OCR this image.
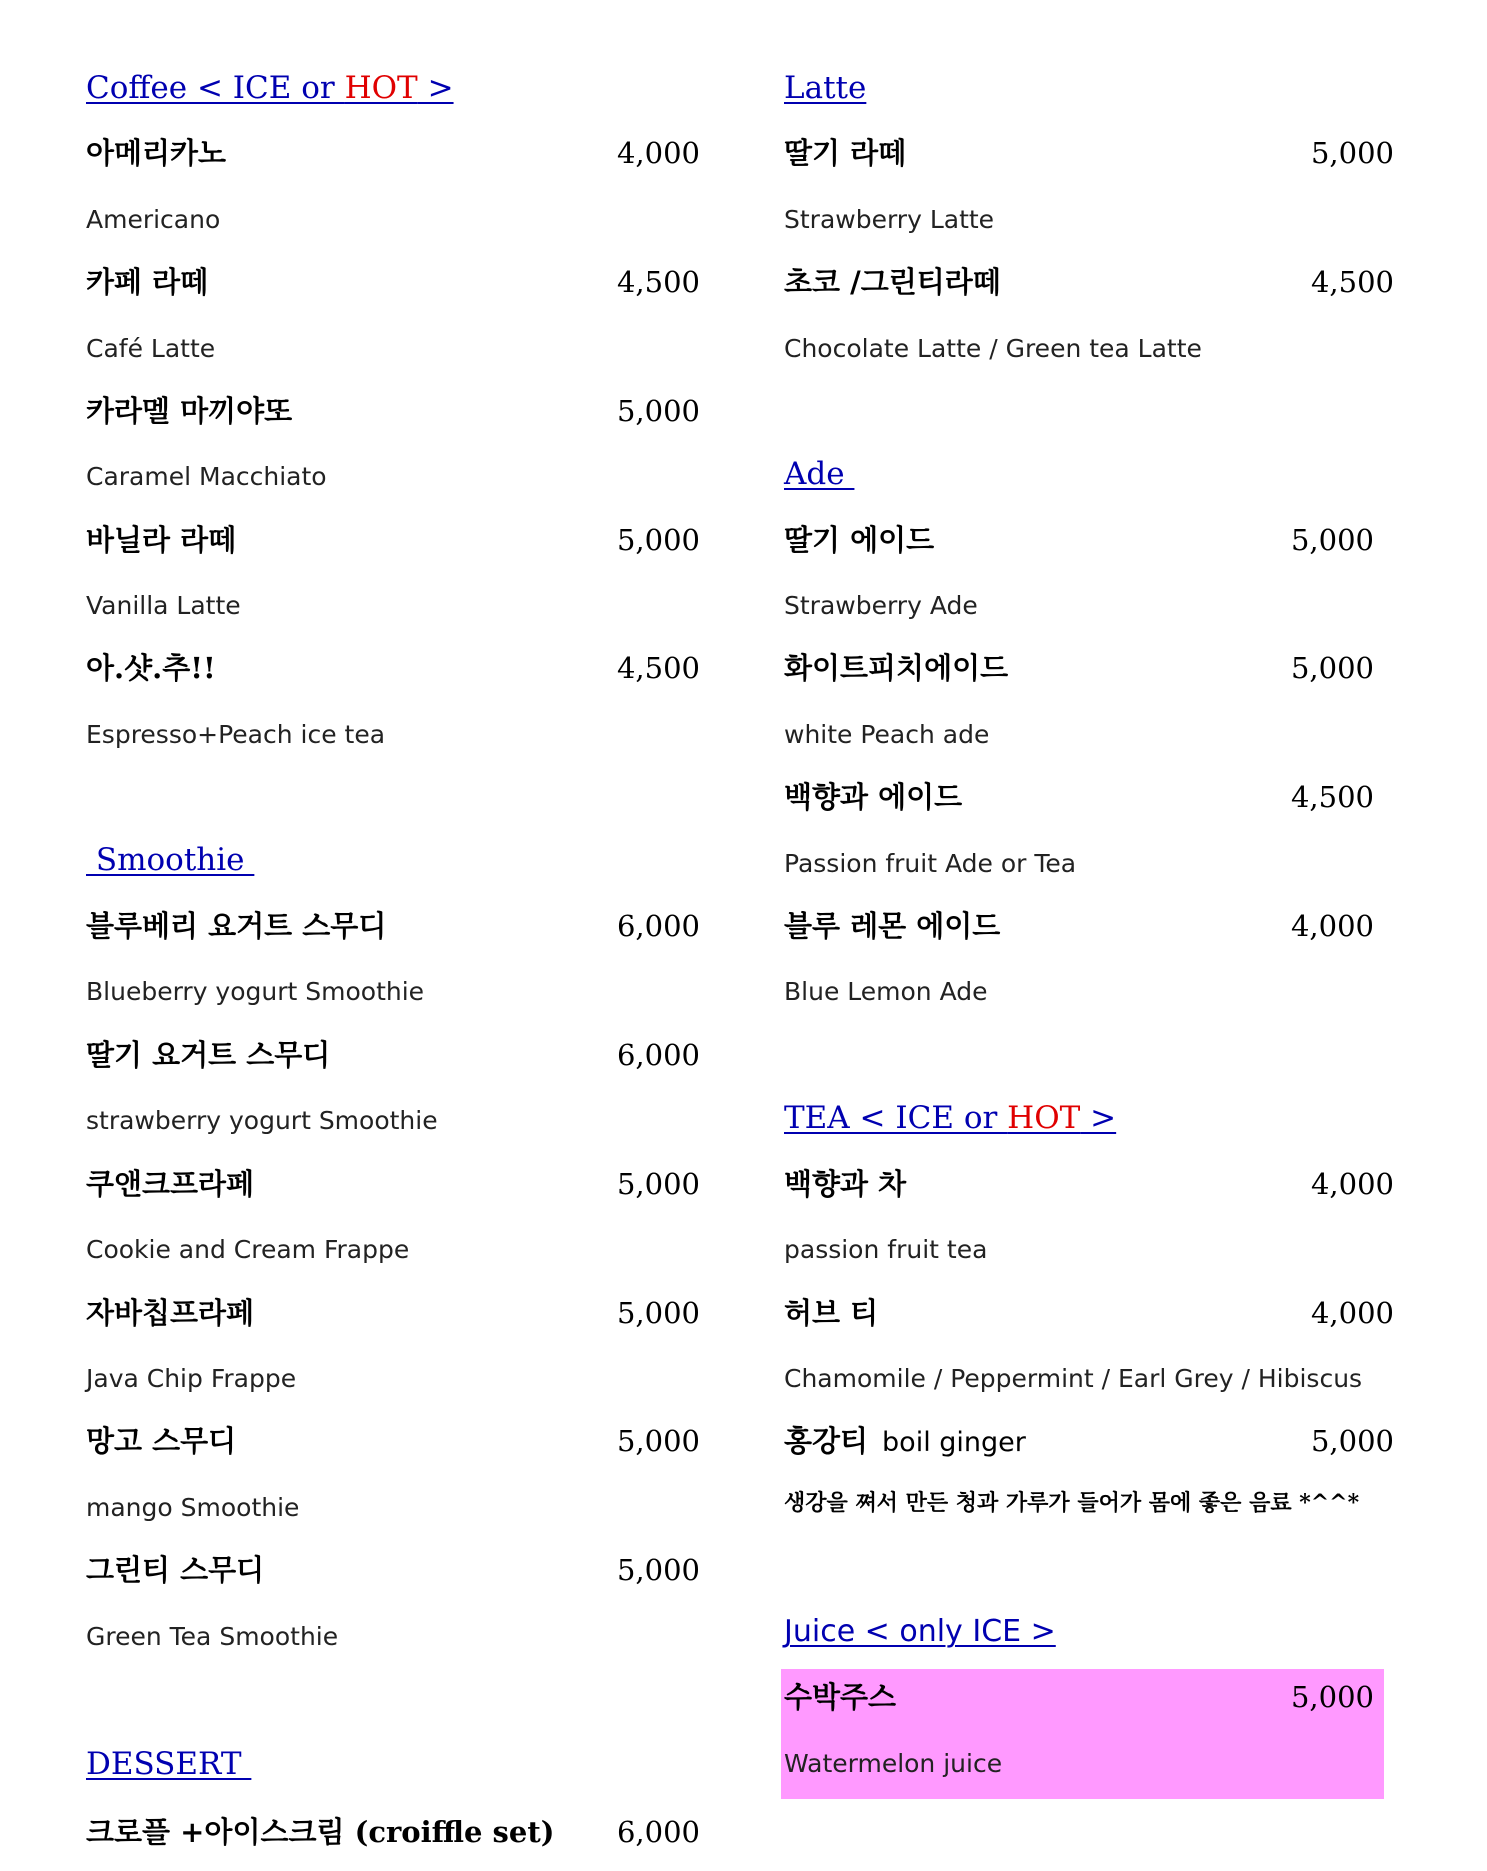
Coffee < ICE or HOT >
아메리카노	4,000
Americano
카페 라떼	4,500
Café Latte
카라멜 마끼야또	5,000
Caramel Macchiato
바닐라 라떼	5,000
Vanilla Latte
아.샷.추!!	4,500
Espresso+Peach ice tea
Smoothie
블루베리 요거트 스무디	6,000
Blueberry yogurt Smoothie
딸기 요거트 스무디	6,000
strawberry yogurt Smoothie
쿠앤크프라페	5,000
Cookie and Cream Frappe
자바칩프라페	5,000
Java Chip Frappe
망고 스무디	5,000
mango Smoothie
그린티 스무디	5,000
Green Tea Smoothie
DESSERT
크로플 +아이스크림 (croiffle set) 6,000
Latte
딸기 라떼	5,000
Strawberry Latte
초코 /그린티라떼	4,500
Chocolate Latte / Green tea Latte
Ade
딸기 에이드	5,000
Strawberry Ade
화이트피치에이드	5,000
white Peach ade
백향과 에이드	4,500
Passion fruit Ade or Tea
블루 레몬 에이드	4,000
Blue Lemon Ade
TEA < ICE or HOT >
백향과 차	4,000
passion fruit tea
허브 티	4,000
Chamomile / Peppermint / Earl Grey / Hibiscus
홍강티 boil ginger	5,000
생강을 쪄서 만든 청과 가루가 들어가 몸에 좋은 음료 *^^*
Juice < only ICE >
수박주스	5,000
Watermelon juice
